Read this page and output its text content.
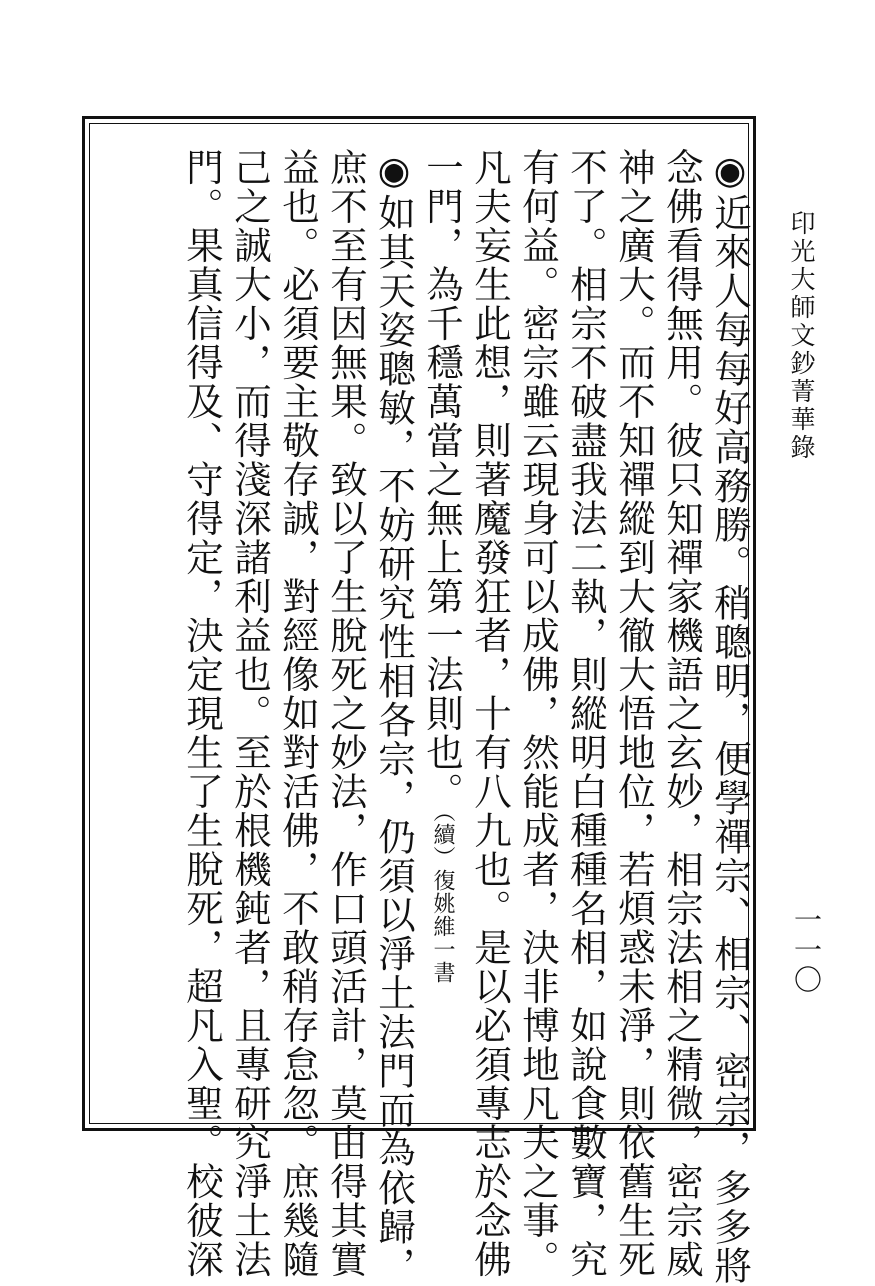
◉近來人每每好高務勝。稍聰明，便學禪宗、相宗、密宗，多多將
念佛看得無用。彼只知禪家機語之玄妙，相宗法相之精微，密宗威
神之廣大。而不知禪縱到大徹大悟地位，若煩惑未淨，則依舊生死
不了。相宗不破盡我法二執，則縱明白種種名相，如說食數寶，究
有何益。密宗雖云現身可以成佛，然能成者，決非博地凡夫之事。
凡夫妄生此想，則著魔發狂者，十有八九也。是以必須專志於念佛
一門，為千穩萬當之無上第一法則也。（續）復姚維一書
◉如其天姿聰敏，不妨研究性相各宗，仍須以淨土法門而為依歸，
庶不至有因無果。致以了生脫死之妙法，作口頭活計，莫由得其實
益也。必須要主敬存誠，對經像如對活佛，不敢稍存怠忽。庶幾隨
己之誠大小，而得淺深諸利益也。至於根機鈍者，且專研究淨土法
門。果真信得及、守得定，決定現生了生脫死，超凡入聖。校彼深	印光大師文鈔菁華錄
一一〇
